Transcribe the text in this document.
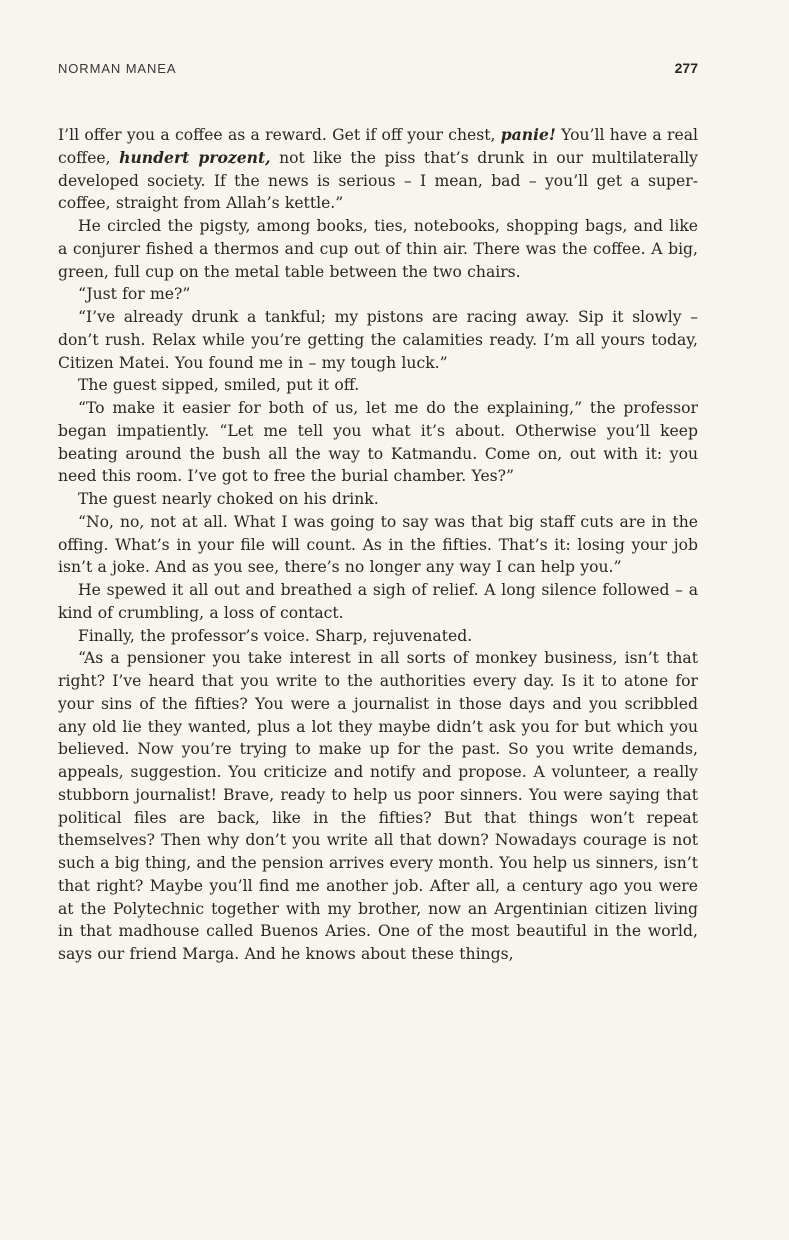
NORMAN MANEA	277

I’ll offer you a coffee as a reward. Get if off your chest, panie! You’ll have a real coffee, hundert prozent, not like the piss that’s drunk in our multilaterally developed society. If the news is serious – I mean, bad – you’ll get a super-coffee, straight from Allah’s kettle.”

He circled the pigsty, among books, ties, notebooks, shopping bags, and like a conjurer fished a thermos and cup out of thin air. There was the coffee. A big, green, full cup on the metal table between the two chairs.

“Just for me?”

“I’ve already drunk a tankful; my pistons are racing away. Sip it slowly – don’t rush. Relax while you’re getting the calamities ready. I’m all yours today, Citizen Matei. You found me in – my tough luck.”

The guest sipped, smiled, put it off.

“To make it easier for both of us, let me do the explaining,” the professor began impatiently. “Let me tell you what it’s about. Otherwise you’ll keep beating around the bush all the way to Katmandu. Come on, out with it: you need this room. I’ve got to free the burial chamber. Yes?”

The guest nearly choked on his drink.

“No, no, not at all. What I was going to say was that big staff cuts are in the offing. What’s in your file will count. As in the fifties. That’s it: losing your job isn’t a joke. And as you see, there’s no longer any way I can help you.”

He spewed it all out and breathed a sigh of relief. A long silence followed – a kind of crumbling, a loss of contact.

Finally, the professor’s voice. Sharp, rejuvenated.

“As a pensioner you take interest in all sorts of monkey business, isn’t that right? I’ve heard that you write to the authorities every day. Is it to atone for your sins of the fifties? You were a journalist in those days and you scribbled any old lie they wanted, plus a lot they maybe didn’t ask you for but which you believed. Now you’re trying to make up for the past. So you write demands, appeals, suggestion. You criticize and notify and propose. A volunteer, a really stubborn journalist! Brave, ready to help us poor sinners. You were saying that political files are back, like in the fifties? But that things won’t repeat themselves? Then why don’t you write all that down? Nowadays courage is not such a big thing, and the pension arrives every month. You help us sinners, isn’t that right? Maybe you’ll find me another job. After all, a century ago you were at the Polytechnic together with my brother, now an Argentinian citizen living in that madhouse called Buenos Aries. One of the most beautiful in the world, says our friend Marga. And he knows about these things,
